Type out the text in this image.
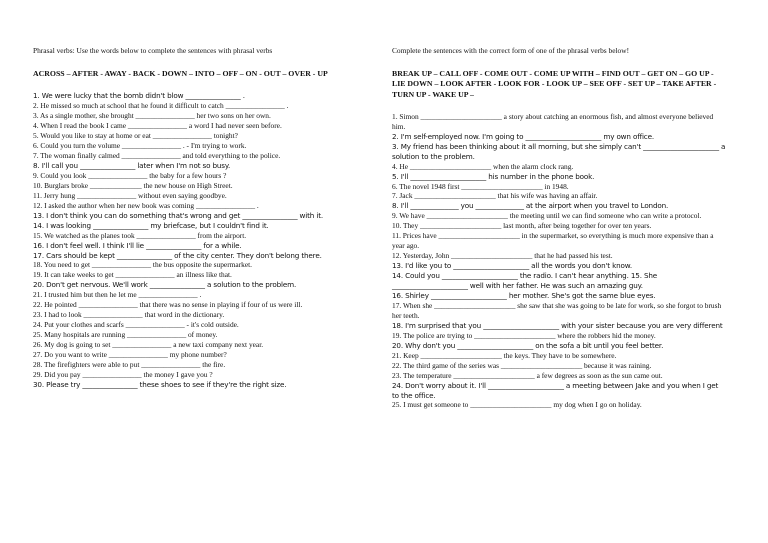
Phrasal verbs: Use the words below to complete the sentences with phrasal verbs

ACROSS – AFTER - AWAY - BACK - DOWN – INTO – OFF – ON - OUT – OVER - UP

1. We were lucky that the bomb didn't blow ________________ .

2. He missed so much at school that he found it difficult to catch ________________ .

3. As a single mother, she brought ________________ her two sons on her own.

4. When I read the book I came ________________ a word I had never seen before.

5. Would you like to stay at home or eat ________________ tonight?

6. Could you turn the volume ________________ . - I'm trying to work.

7. The woman finally calmed ________________ and told everything to the police.

8. I'll call you ________________ later when I'm not so busy.

9. Could you look ________________ the baby for a few hours ?

10. Burglars broke ______________ the new house on High Street.

11. Jerry hung ________________ without even saying goodbye.

12. I asked the author when her new book was coming ________________ .

13. I don't think you can do something that's wrong and get ________________ with it.

14. I was looking ________________ my briefcase, but I couldn't find it.

15. We watched as the planes took ________________ from the airport.

16. I don't feel well. I think I'll lie ________________ for a while.

17. Cars should be kept ________________ of the city center. They don't belong there.

18. You need to get ________________ the bus opposite the supermarket.

19. It can take weeks to get ________________ an illness like that.

20. Don't get nervous. We'll work ________________ a solution to the problem.

21. I trusted him but then he let me ________________ .

22. He pointed ________________ that there was no sense in playing if four of us were ill.

23. I had to look ________________ that word in the dictionary.

24. Put your clothes and scarfs ________________ - it's cold outside.

25. Many hospitals are running ________________ of money.

26. My dog is going to set ________________ a new taxi company next year.

27. Do you want to write ________________ my phone number?

28. The firefighters were able to put ________________ the fire.

29. Did you pay ________________ the money I gave you ?

30. Please try ________________ these shoes to see if they're the right size.

Complete the sentences with the correct form of one of the phrasal verbs below!

BREAK UP – CALL OFF - COME OUT - COME UP WITH – FIND OUT – GET ON – GO UP - LIE DOWN – LOOK AFTER - LOOK FOR - LOOK UP – SEE OFF - SET UP – TAKE AFTER - TURN UP - WAKE UP –

1. Simon ______________________ a story about catching an enormous fish, and almost everyone believed him.

2. I'm self-employed now. I'm going to ______________________ my own office.

3. My friend has been thinking about it all morning, but she simply can't ______________________ a solution to the problem.

4. He ______________________ when the alarm clock rang.

5. I'll ______________________ his number in the phone book.

6. The novel 1948 first ______________________ in 1948.

7. Jack ______________________ that his wife was having an affair.

8. I'll ______________ you ______________ at the airport when you travel to London.

9. We have ______________________ the meeting until we can find someone who can write a protocol.

10. They ______________________ last month, after being together for over ten years.

11. Prices have ______________________ in the supermarket, so everything is much more expensive than a year ago.

12. Yesterday, John ______________________ that he had passed his test.

13. I'd like you to ______________________ all the words you don't know.

14. Could you ______________________ the radio. I can't hear anything. 15. She ______________________ well with her father. He was such an amazing guy.

16. Shirley ______________________ her mother. She's got the same blue eyes.

17. When she ______________________ she saw that she was going to be late for work, so she forgot to brush her teeth.

18. I'm surprised that you ______________________ with your sister because you are very different

19. The police are trying to ______________________ where the robbers hid the money.

20. Why don't you ______________________ on the sofa a bit until you feel better.

21. Keep ______________________ the keys. They have to be somewhere.

22. The third game of the series was ______________________ because it was raining.

23. The temperature ______________________ a few degrees as soon as the sun came out.

24. Don't worry about it. I'll ______________________ a meeting between Jake and you when I get to the office.

25. I must get someone to ______________________ my dog when I go on holiday.
